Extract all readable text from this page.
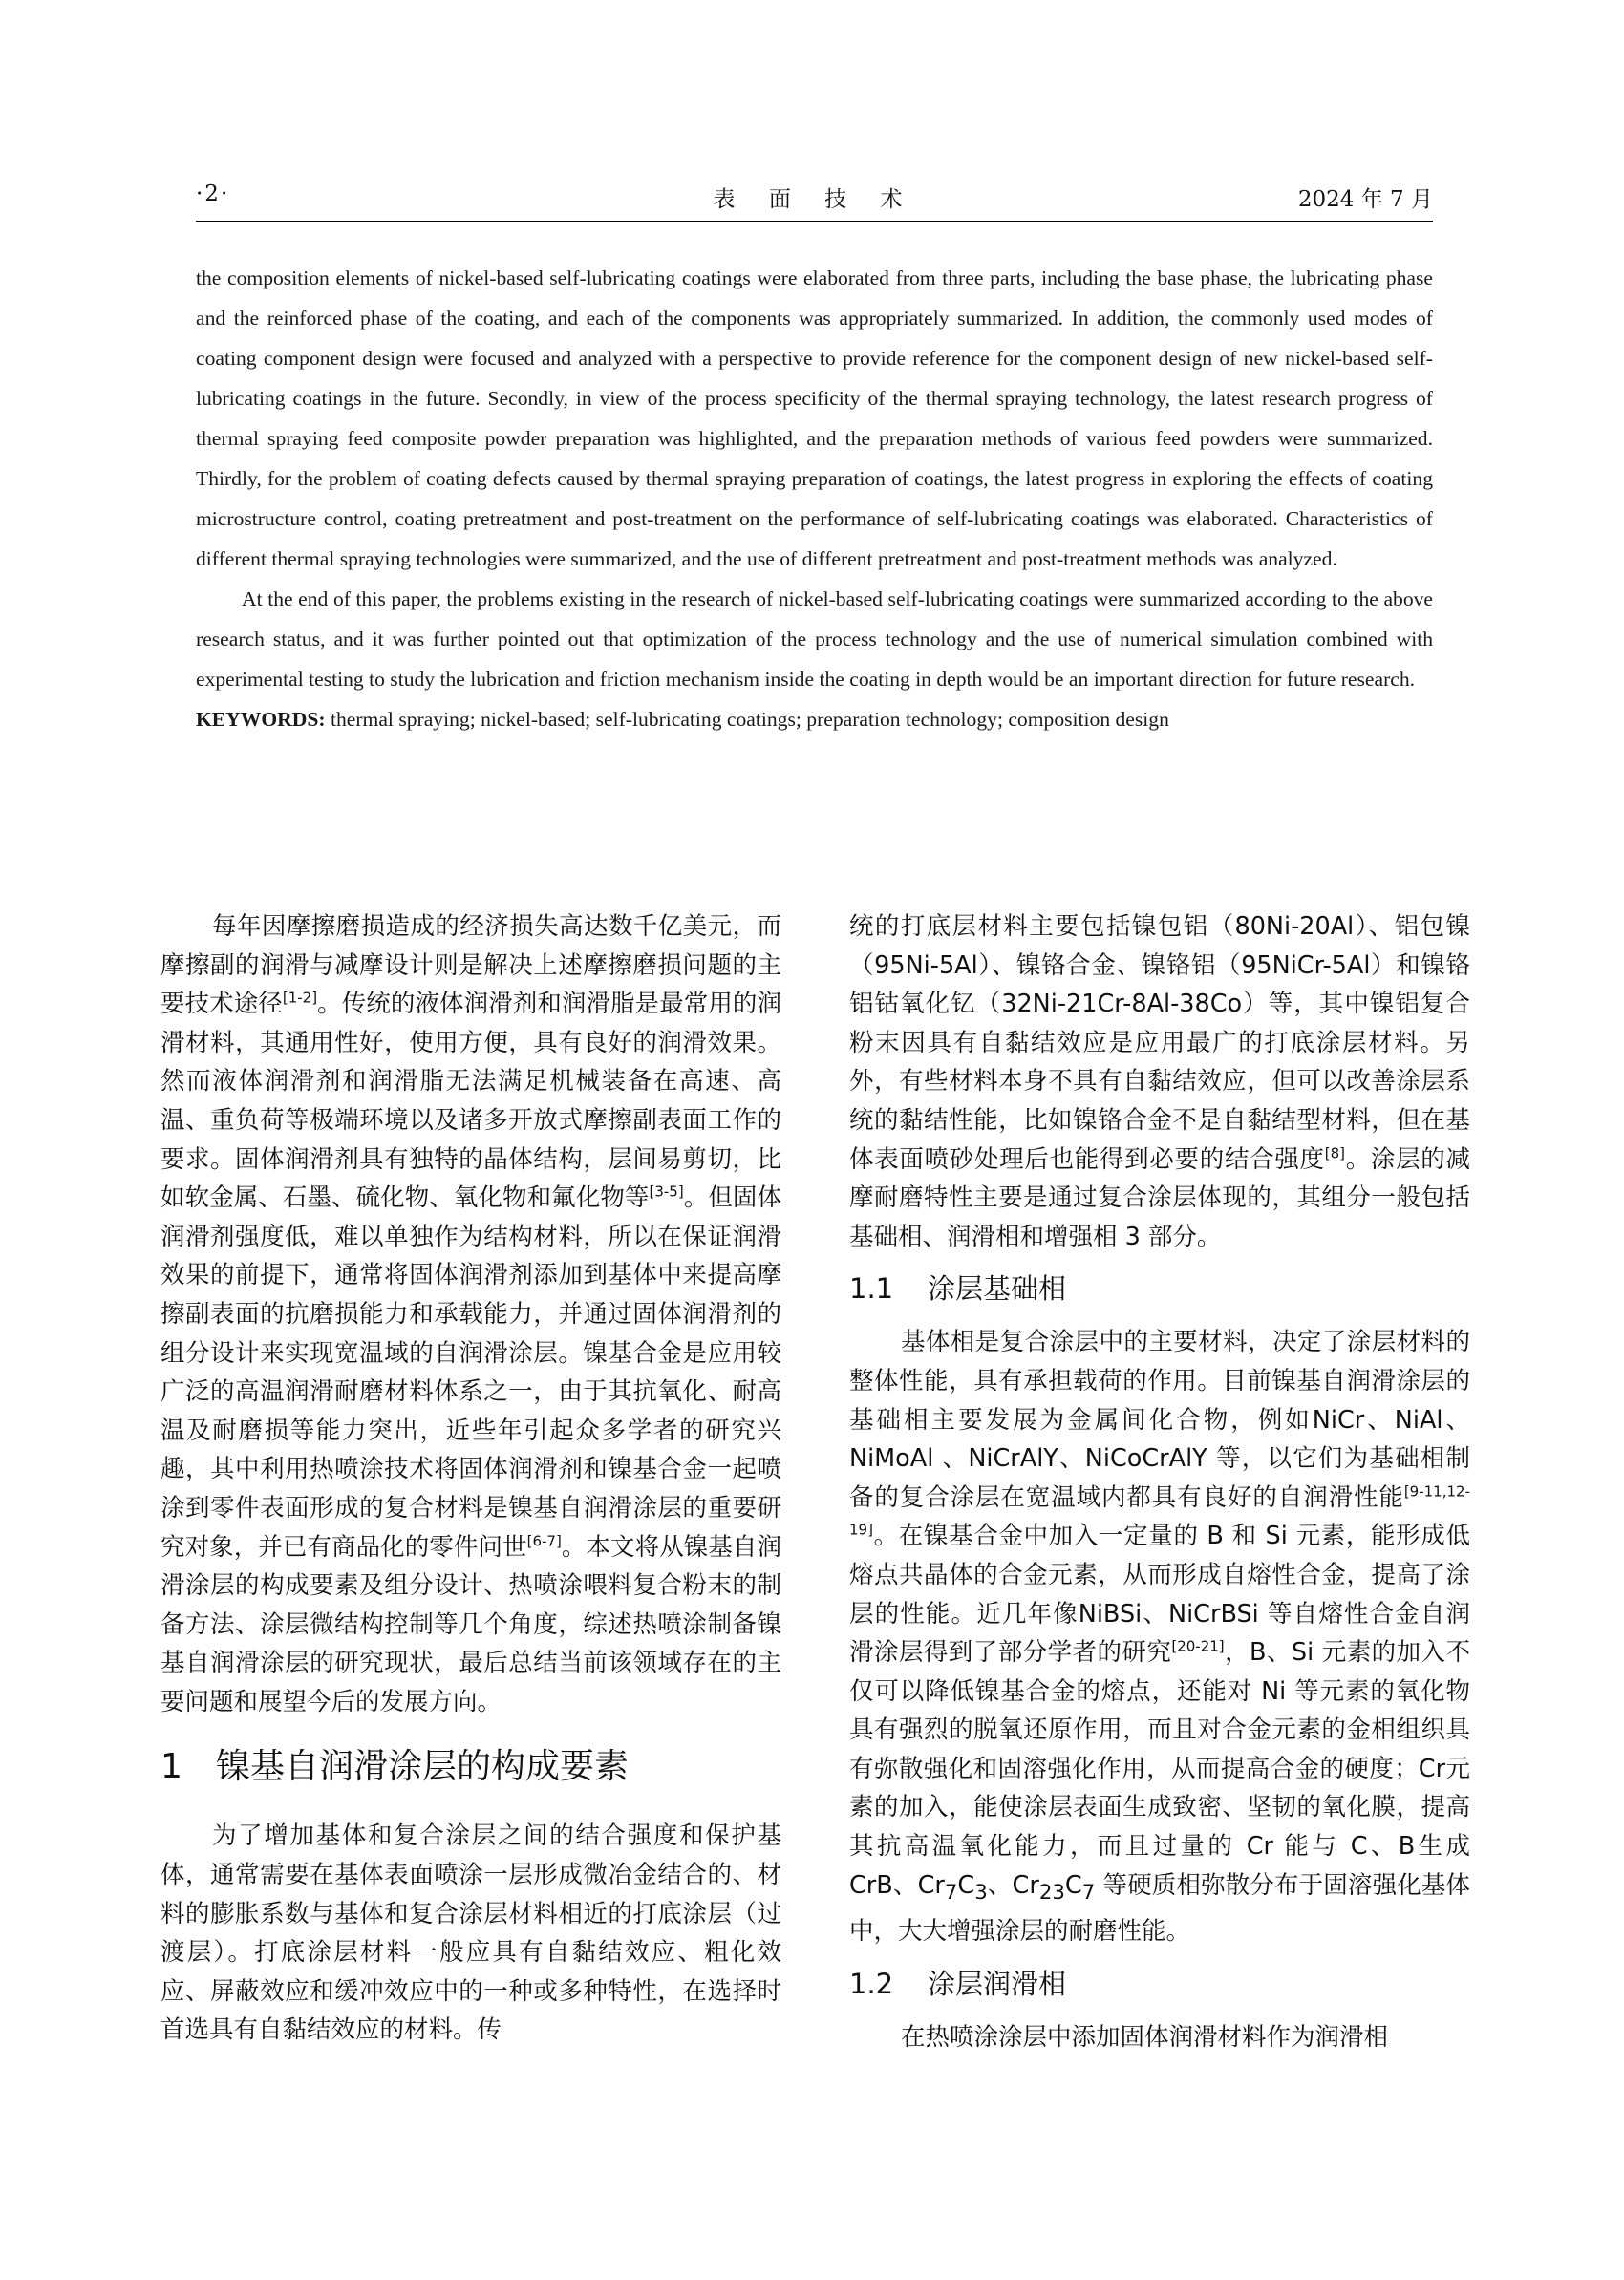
·2·	表 面 技 术	2024 年 7 月

the composition elements of nickel-based self-lubricating coatings were elaborated from three parts, including the base phase, the lubricating phase and the reinforced phase of the coating, and each of the components was appropriately summarized. In addition, the commonly used modes of coating component design were focused and analyzed with a perspective to provide reference for the component design of new nickel-based self-lubricating coatings in the future. Secondly, in view of the process specificity of the thermal spraying technology, the latest research progress of thermal spraying feed composite powder preparation was highlighted, and the preparation methods of various feed powders were summarized. Thirdly, for the problem of coating defects caused by thermal spraying preparation of coatings, the latest progress in exploring the effects of coating microstructure control, coating pretreatment and post-treatment on the performance of self-lubricating coatings was elaborated. Characteristics of different thermal spraying technologies were summarized, and the use of different pretreatment and post-treatment methods was analyzed.

At the end of this paper, the problems existing in the research of nickel-based self-lubricating coatings were summarized according to the above research status, and it was further pointed out that optimization of the process technology and the use of numerical simulation combined with experimental testing to study the lubrication and friction mechanism inside the coating in depth would be an important direction for future research.

KEYWORDS: thermal spraying; nickel-based; self-lubricating coatings; preparation technology; composition design

每年因摩擦磨损造成的经济损失高达数千亿美元，而摩擦副的润滑与减摩设计则是解决上述摩擦磨损问题的主要技术途径[1-2]。传统的液体润滑剂和润滑脂是最常用的润滑材料，其通用性好，使用方便，具有良好的润滑效果。然而液体润滑剂和润滑脂无法满足机械装备在高速、高温、重负荷等极端环境以及诸多开放式摩擦副表面工作的要求。固体润滑剂具有独特的晶体结构，层间易剪切，比如软金属、石墨、硫化物、氧化物和氟化物等[3-5]。但固体润滑剂强度低，难以单独作为结构材料，所以在保证润滑效果的前提下，通常将固体润滑剂添加到基体中来提高摩擦副表面的抗磨损能力和承载能力，并通过固体润滑剂的组分设计来实现宽温域的自润滑涂层。镍基合金是应用较广泛的高温润滑耐磨材料体系之一，由于其抗氧化、耐高温及耐磨损等能力突出，近些年引起众多学者的研究兴趣，其中利用热喷涂技术将固体润滑剂和镍基合金一起喷涂到零件表面形成的复合材料是镍基自润滑涂层的重要研究对象，并已有商品化的零件问世[6-7]。本文将从镍基自润滑涂层的构成要素及组分设计、热喷涂喂料复合粉末的制备方法、涂层微结构控制等几个角度，综述热喷涂制备镍基自润滑涂层的研究现状，最后总结当前该领域存在的主要问题和展望今后的发展方向。

1 镍基自润滑涂层的构成要素

为了增加基体和复合涂层之间的结合强度和保护基体，通常需要在基体表面喷涂一层形成微冶金结合的、材料的膨胀系数与基体和复合涂层材料相近的打底涂层（过渡层）。打底涂层材料一般应具有自黏结效应、粗化效应、屏蔽效应和缓冲效应中的一种或多种特性，在选择时首选具有自黏结效应的材料。传

统的打底层材料主要包括镍包铝（80Ni-20Al）、铝包镍（95Ni-5Al）、镍铬合金、镍铬铝（95NiCr-5Al）和镍铬铝钴氧化钇（32Ni-21Cr-8Al-38Co）等，其中镍铝复合粉末因具有自黏结效应是应用最广的打底涂层材料。另外，有些材料本身不具有自黏结效应，但可以改善涂层系统的黏结性能，比如镍铬合金不是自黏结型材料，但在基体表面喷砂处理后也能得到必要的结合强度[8]。涂层的减摩耐磨特性主要是通过复合涂层体现的，其组分一般包括基础相、润滑相和增强相 3 部分。

1.1 涂层基础相

基体相是复合涂层中的主要材料，决定了涂层材料的整体性能，具有承担载荷的作用。目前镍基自润滑涂层的基础相主要发展为金属间化合物，例如NiCr、NiAl、NiMoAl 、NiCrAlY、NiCoCrAlY 等，以它们为基础相制备的复合涂层在宽温域内都具有良好的自润滑性能[9-11,12-19]。在镍基合金中加入一定量的 B 和 Si 元素，能形成低熔点共晶体的合金元素，从而形成自熔性合金，提高了涂层的性能。近几年像NiBSi、NiCrBSi 等自熔性合金自润滑涂层得到了部分学者的研究[20-21]，B、Si 元素的加入不仅可以降低镍基合金的熔点，还能对 Ni 等元素的氧化物具有强烈的脱氧还原作用，而且对合金元素的金相组织具有弥散强化和固溶强化作用，从而提高合金的硬度；Cr元素的加入，能使涂层表面生成致密、坚韧的氧化膜，提高其抗高温氧化能力，而且过量的 Cr 能与 C、B生成 CrB、$Cr_7C_3$、$Cr_{23}C_7$ 等硬质相弥散分布于固溶强化基体中，大大增强涂层的耐磨性能。

1.2 涂层润滑相

在热喷涂涂层中添加固体润滑材料作为润滑相
